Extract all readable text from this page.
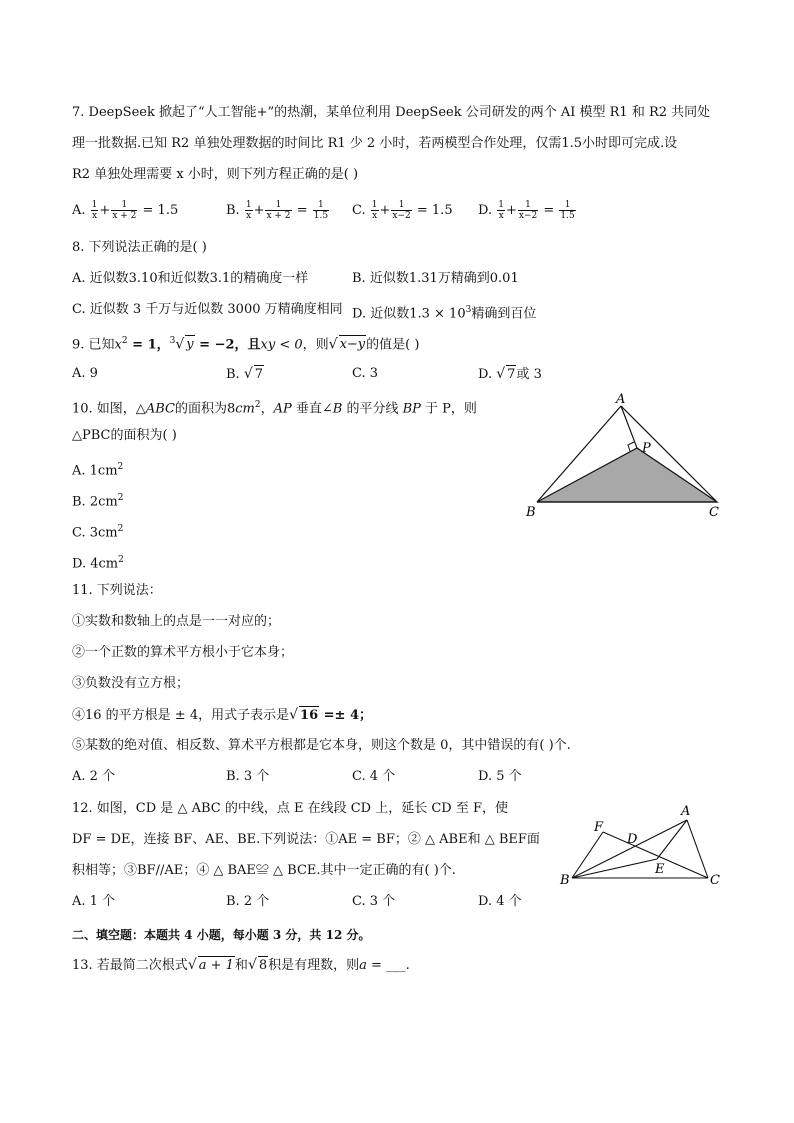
7. DeepSeek 掀起了“人工智能+”的热潮，某单位利用 DeepSeek 公司研发的两个 AI 模型 R1 和 R2 共同处
理一批数据.已知 R2 单独处理数据的时间比 R1 少 2 小时，若两模型合作处理，仅需1.5小时即可完成.设
R2 单独处理需要 x 小时，则下列方程正确的是( )
A. $\frac{1}{x} + \frac{1}{x + 2} = 1.5$	B. $\frac{1}{x} + \frac{1}{x + 2} = \frac{1}{1.5} C$. $\frac{1}{x} + \frac{1}{x-2} = 1.5$ D. $\frac{1}{x} + \frac{1}{x-2} = \frac{1}{1.5}$
8. 下列说法正确的是( )
A. 近似数3.10和近似数3.1的精确度一样	B. 近似数1.31万精确到0.01
C. 近似数 3 千万与近似数 3000 万精确度相同 D. 近似数$1.3 \times 10^3$精确到百位
9. 已知$x^2 = 1$，$^3$√ y = −2，且xy < 0，则√ x−y的值是( )
A. 9	B. √ 7	C. 3	D. √ 7或 3
10. 如图，△ABC的面积为$8cm^2$，AP 垂直∠B 的平分线 BP 于 P，则
△PBC的面积为( )
A. $1cm^2$
B. $2cm^2$
C. $3cm^2$
D. $4cm^2$
A
P
B	C
11. 下列说法：
①实数和数轴上的点是一一对应的；
②一个正数的算术平方根小于它本身；
③负数没有立方根；
④16 的平方根是 ± 4，用式子表示是√ 16 =± 4；
⑤某数的绝对值、相反数、算术平方根都是它本身，则这个数是 0，其中错误的有( )个.
A. 2 个	B. 3 个	C. 4 个	D. 5 个
12. 如图，CD 是 △ ABC 的中线，点 E 在线段 CD 上，延长 CD 至 F，使
DF = DE，连接 BF、AE、BE.下列说法：①AE = BF；② △ ABE和 △ BEF面
积相等；③BF//AE；④ △ BAE≌ △ BCE.其中一定正确的有( )个.
A. 1 个	B. 2 个	C. 3 个	D. 4 个
A
F
D
E
B	C
二、填空题：本题共 4 小题，每小题 3 分，共 12 分。
13. 若最简二次根式√ a + 1和√ 8积是有理数，则a = ___.
